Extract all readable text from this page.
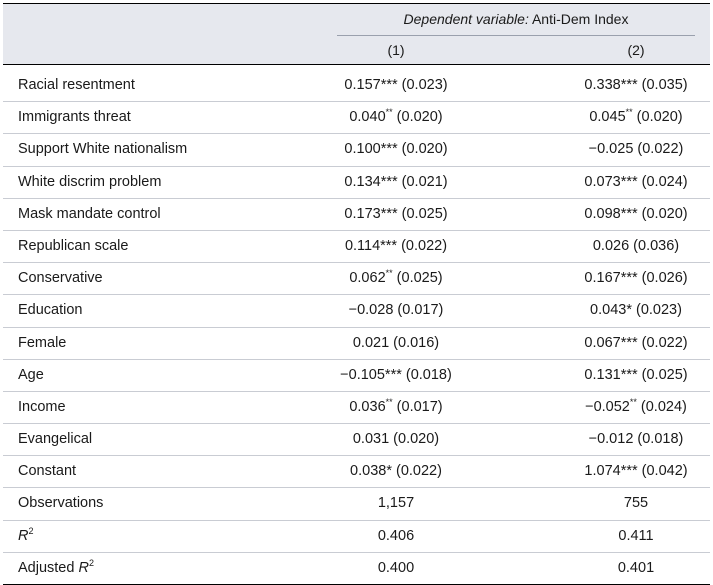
Dependent variable: Anti-Dem Index
(1)	(2)
Racial resentment	0.157*** (0.023)	0.338*** (0.035)
Immigrants threat	0.040** (0.020)	0.045** (0.020)
Support White nationalism	0.100*** (0.020)	−0.025 (0.022)
White discrim problem	0.134*** (0.021)	0.073*** (0.024)
Mask mandate control	0.173*** (0.025)	0.098*** (0.020)
Republican scale	0.114*** (0.022)	0.026 (0.036)
Conservative	0.062** (0.025)	0.167*** (0.026)
Education	−0.028 (0.017)	0.043* (0.023)
Female	0.021 (0.016)	0.067*** (0.022)
Age	−0.105*** (0.018)	0.131*** (0.025)
Income	0.036** (0.017)	−0.052** (0.024)
Evangelical	0.031 (0.020)	−0.012 (0.018)
Constant	0.038* (0.022)	1.074*** (0.042)
Observations	1,157	755
$R^2$	0.406	0.411
Adjusted $R^2$	0.400	0.401
